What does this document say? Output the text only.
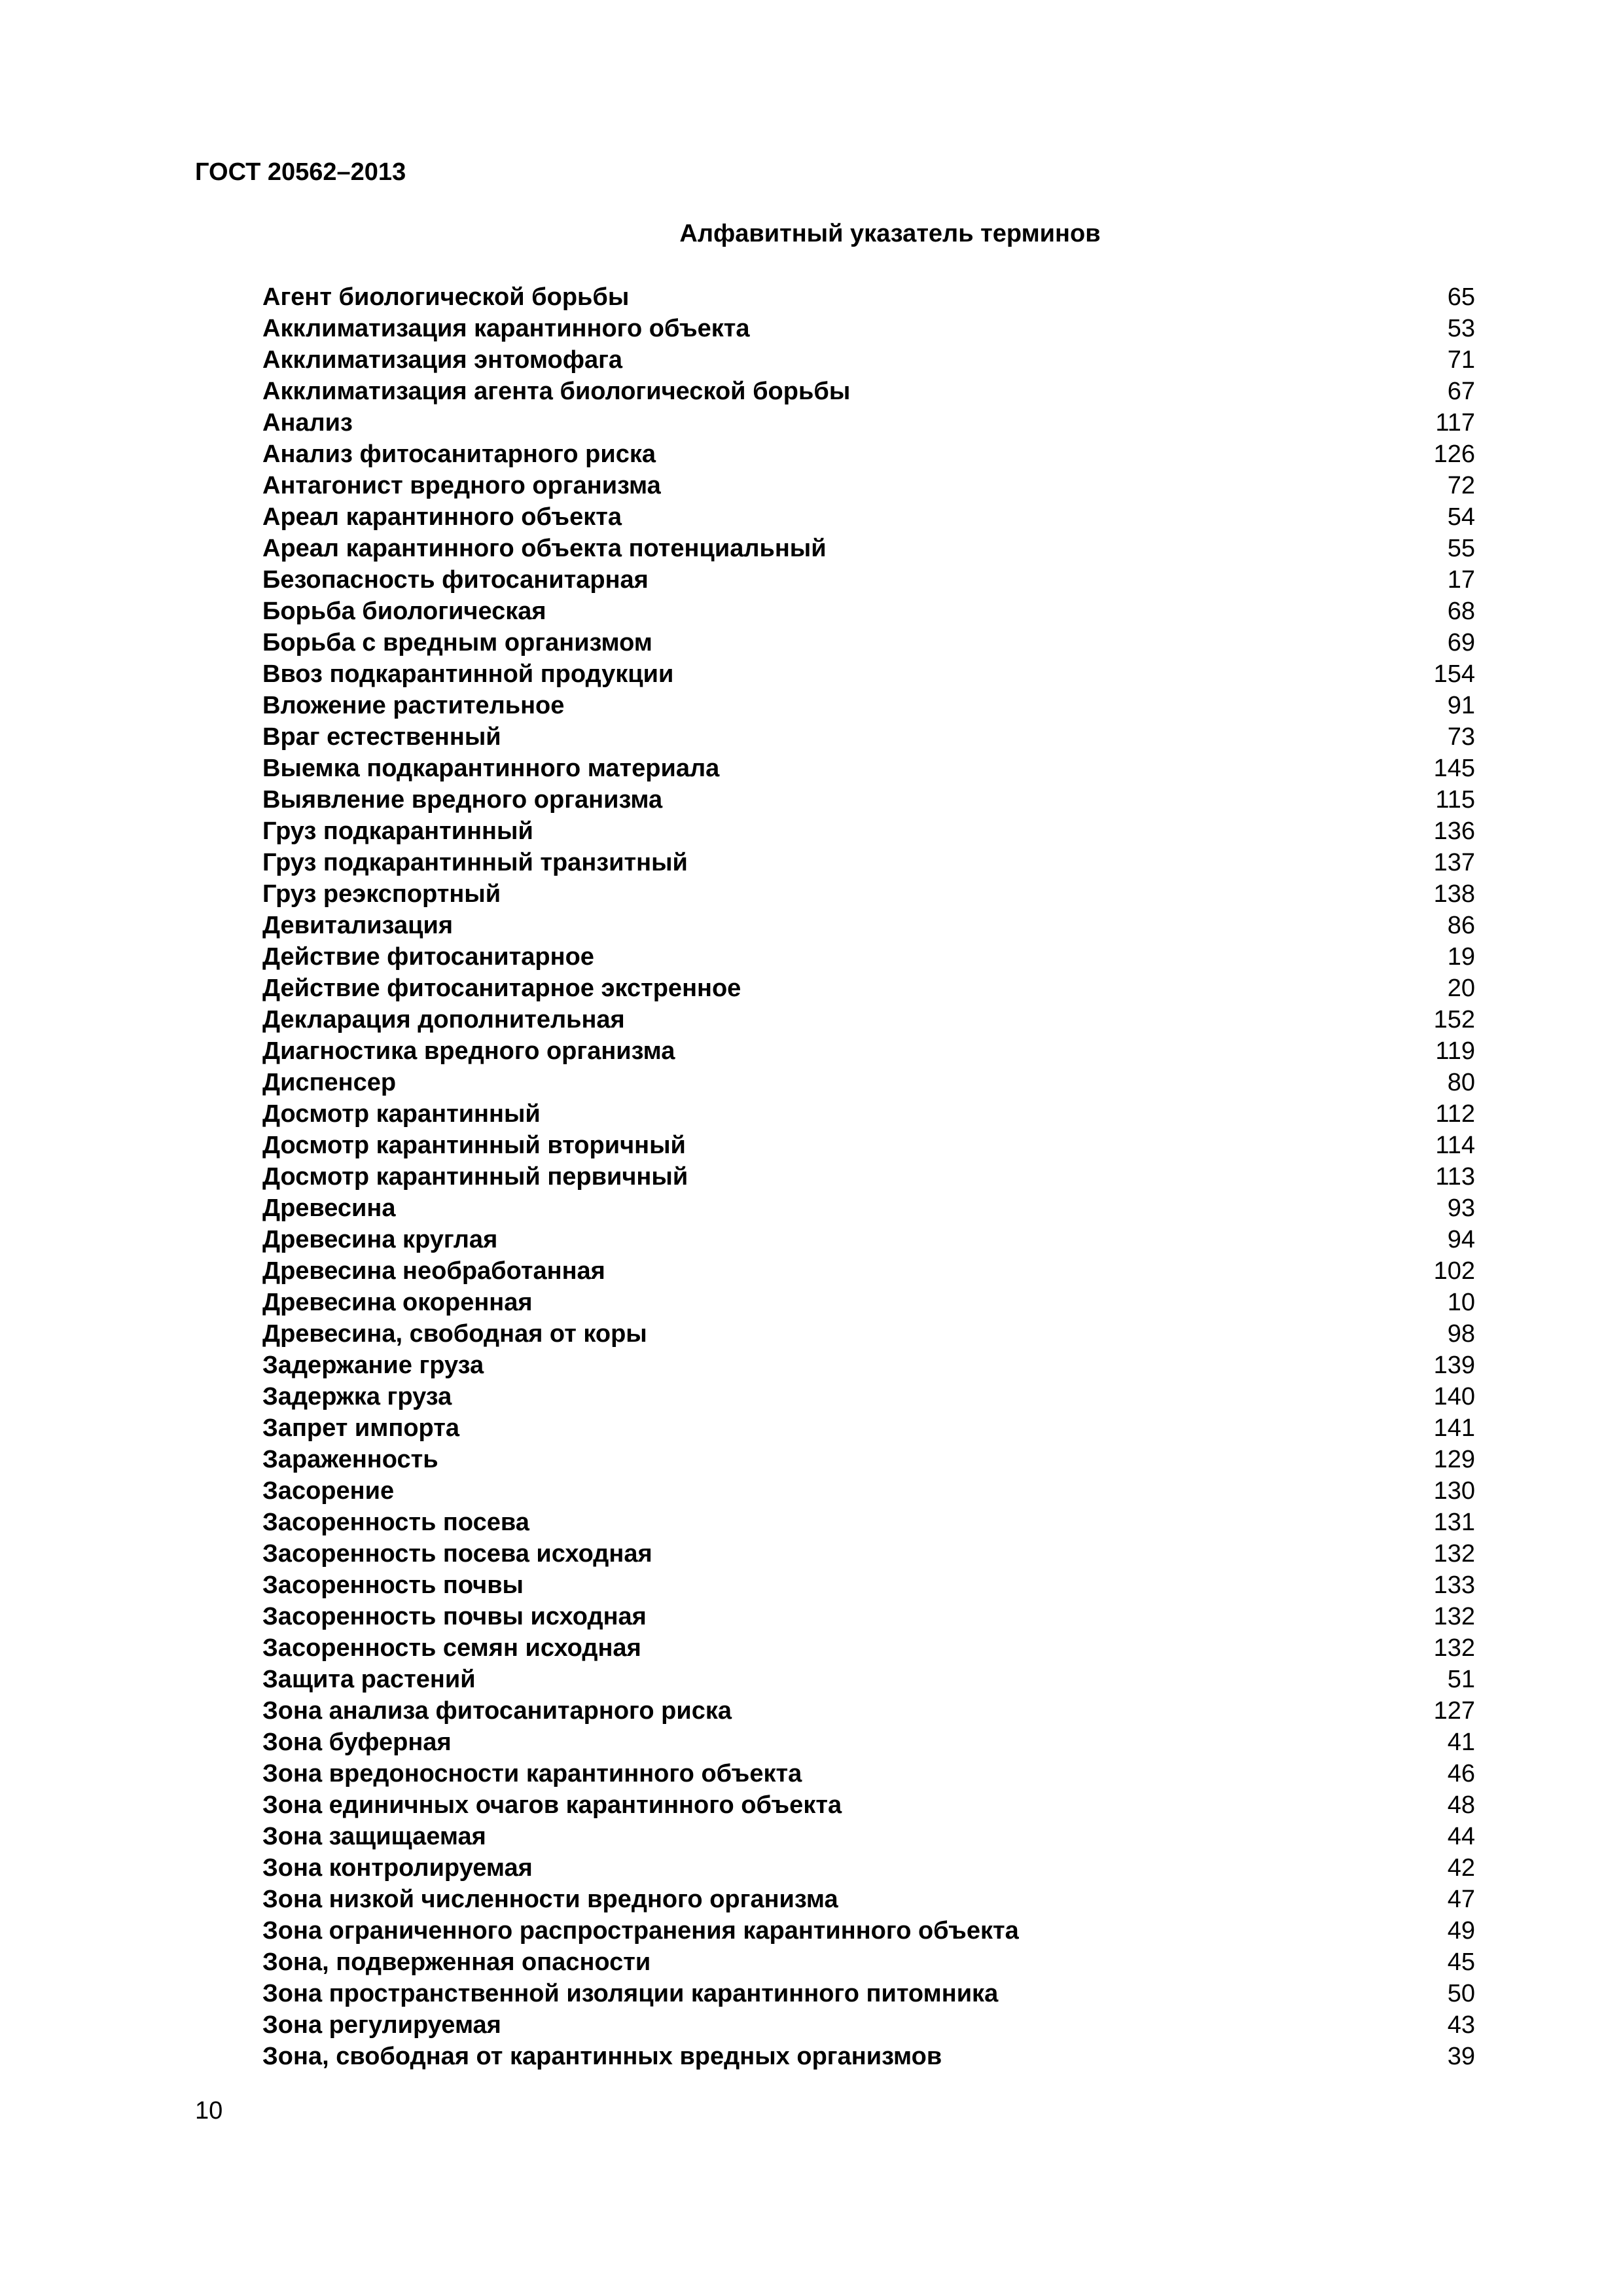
ГОСТ 20562–2013
Алфавитный указатель терминов
Агент биологической борьбы	65
Акклиматизация карантинного объекта	53
Акклиматизация энтомофага	71
Акклиматизация агента биологической борьбы	67
Анализ	117
Анализ фитосанитарного риска	126
Антагонист вредного организма	72
Ареал карантинного объекта	54
Ареал карантинного объекта потенциальный	55
Безопасность фитосанитарная	17
Борьба биологическая	68
Борьба с вредным организмом	69
Ввоз подкарантинной продукции	154
Вложение растительное	91
Враг естественный	73
Выемка подкарантинного материала	145
Выявление вредного организма	115
Груз подкарантинный	136
Груз подкарантинный транзитный	137
Груз реэкспортный	138
Девитализация	86
Действие фитосанитарное	19
Действие фитосанитарное экстренное	20
Декларация дополнительная	152
Диагностика вредного организма	119
Диспенсер	80
Досмотр карантинный	112
Досмотр карантинный вторичный	114
Досмотр карантинный первичный	113
Древесина	93
Древесина круглая	94
Древесина необработанная	102
Древесина окоренная	10
Древесина, свободная от коры	98
Задержание груза	139
Задержка груза	140
Запрет импорта	141
Зараженность	129
Засорение	130
Засоренность посева	131
Засоренность посева исходная	132
Засоренность почвы	133
Засоренность почвы исходная	132
Засоренность семян исходная	132
Защита растений	51
Зона анализа фитосанитарного риска	127
Зона буферная	41
Зона вредоносности карантинного объекта	46
Зона единичных очагов карантинного объекта	48
Зона защищаемая	44
Зона контролируемая	42
Зона низкой численности вредного организма	47
Зона ограниченного распространения карантинного объекта	49
Зона, подверженная опасности	45
Зона пространственной изоляции карантинного питомника	50
Зона регулируемая	43
Зона, свободная от карантинных вредных организмов	39
10
